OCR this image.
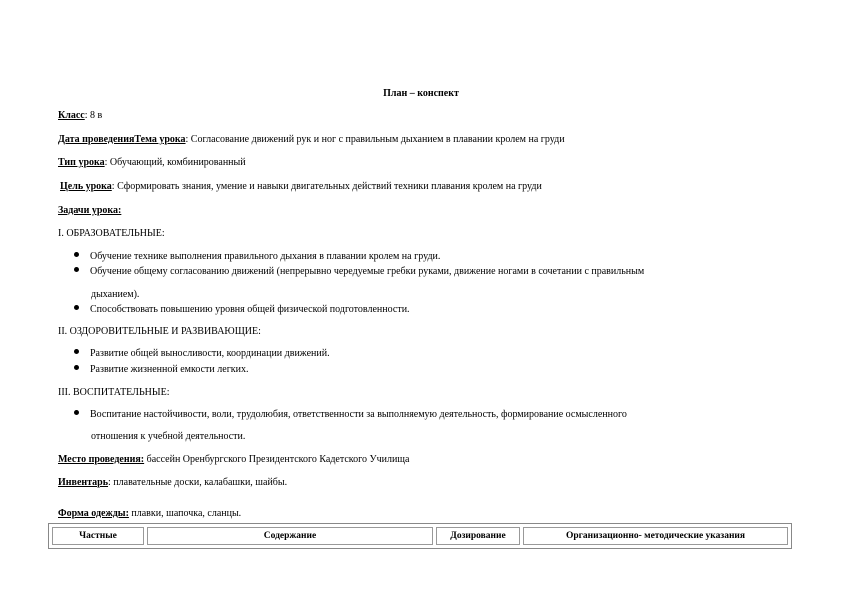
План – конспект
Класс: 8 в
Дата проведенияТема урока: Согласование движений рук и ног с правильным дыханием в плавании кролем на груди
Тип урока: Обучающий, комбинированный
Цель урока: Сформировать знания, умение и навыки двигательных действий техники плавания кролем на груди
Задачи урока:
I. ОБРАЗОВАТЕЛЬНЫЕ:
Обучение технике выполнения правильного дыхания в плавании кролем на груди.
Обучение общему согласованию движений (непрерывно чередуемые гребки руками, движение ногами в сочетании с правильным
дыханием).
Способствовать повышению уровня общей физической подготовленности.
II. ОЗДОРОВИТЕЛЬНЫЕ И РАЗВИВАЮЩИЕ:
Развитие общей выносливости, координации движений.
Развитие жизненной емкости легких.
III. ВОСПИТАТЕЛЬНЫЕ:
Воспитание настойчивости, воли, трудолюбия, ответственности за выполняемую деятельность, формирование осмысленного
отношения к учебной деятельности.
Место проведения: бассейн Оренбургского Президентского Кадетского Училища
Инвентарь: плавательные доски, калабашки, шайбы.
Форма одежды: плавки, шапочка, сланцы.
Частные	Содержание	Дозирование	Организационно- методические указания
